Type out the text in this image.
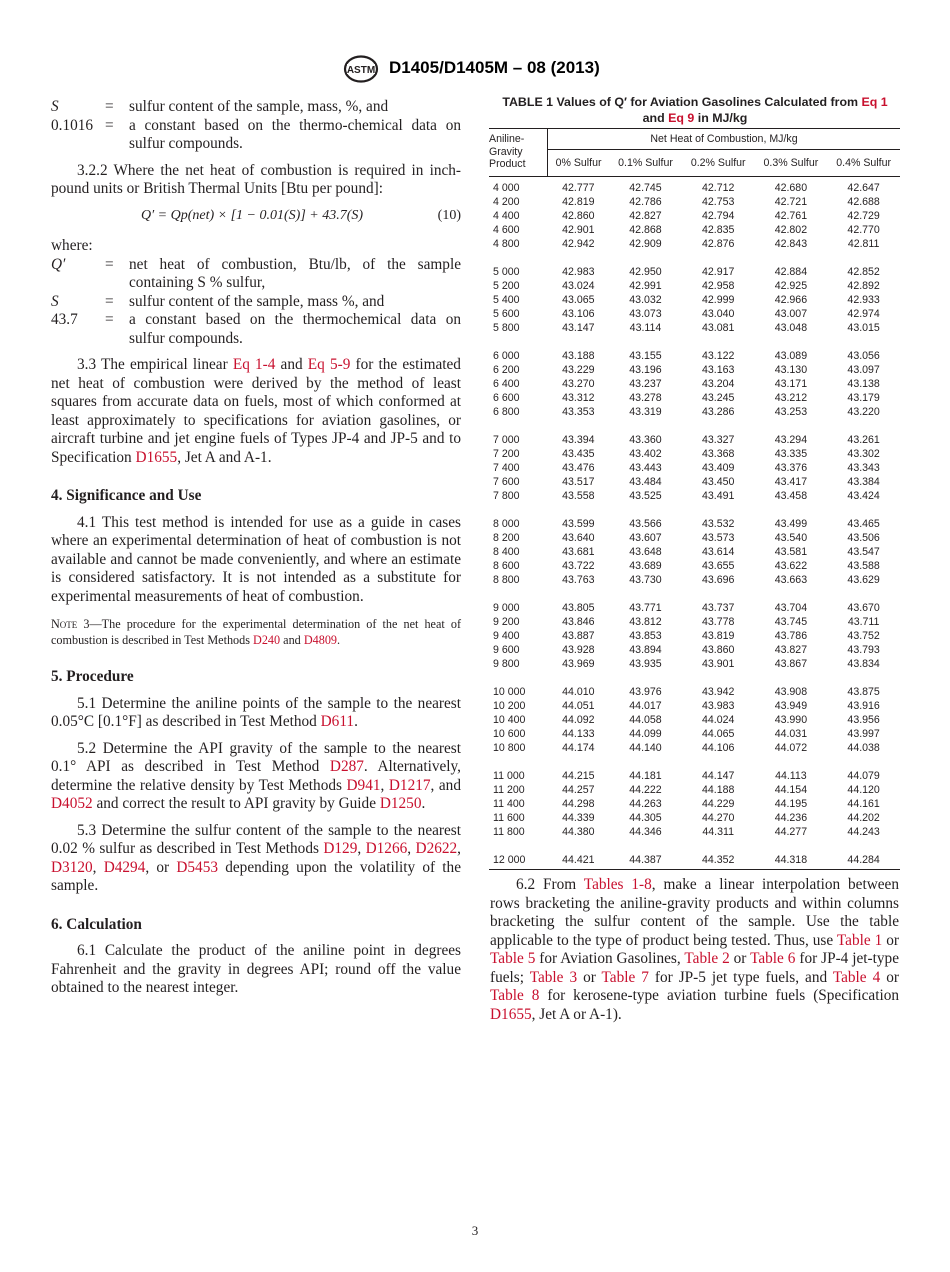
ASTM D1405/D1405M – 08 (2013)
S	=	sulfur content of the sample, mass, %, and
0.1016 =	a constant based on the thermo-chemical data on sulfur compounds.

3.2.2 Where the net heat of combustion is required in inch-pound units or British Thermal Units [Btu per pound]:

Q′ = Qp(net) × [1 − 0.01(S)] + 43.7(S)	(10)
where:
Q′	=	net heat of combustion, Btu/lb, of the sample containing S % sulfur,
S	=	sulfur content of the sample, mass %, and
43.7	=	a constant based on the thermochemical data on sulfur compounds.

3.3 The empirical linear Eq 1-4 and Eq 5-9 for the estimated net heat of combustion were derived by the method of least squares from accurate data on fuels, most of which conformed at least approximately to specifications for aviation gasolines, or aircraft turbine and jet engine fuels of Types JP-4 and JP-5 and to Specification D1655, Jet A and A-1.

4. Significance and Use

4.1 This test method is intended for use as a guide in cases where an experimental determination of heat of combustion is not available and cannot be made conveniently, and where an estimate is considered satisfactory. It is not intended as a substitute for experimental measurements of heat of combustion.

Note 3—The procedure for the experimental determination of the net heat of combustion is described in Test Methods D240 and D4809.

5. Procedure

5.1 Determine the aniline points of the sample to the nearest 0.05°C [0.1°F] as described in Test Method D611.

5.2 Determine the API gravity of the sample to the nearest 0.1° API as described in Test Method D287. Alternatively, determine the relative density by Test Methods D941, D1217, and D4052 and correct the result to API gravity by Guide D1250.

5.3 Determine the sulfur content of the sample to the nearest 0.02 % sulfur as described in Test Methods D129, D1266, D2622, D3120, D4294, or D5453 depending upon the volatility of the sample.

6. Calculation

6.1 Calculate the product of the aniline point in degrees Fahrenheit and the gravity in degrees API; round off the value obtained to the nearest integer.

TABLE 1 Values of Q′ for Aviation Gasolines Calculated from Eq 1 and Eq 9 in MJ/kg
Aniline-Gravity Product	Net Heat of Combustion, MJ/kg				
	0% Sulfur	0.1% Sulfur	0.2% Sulfur	0.3% Sulfur	0.4% Sulfur
4 000	42.777	42.745	42.712	42.680	42.647
4 200	42.819	42.786	42.753	42.721	42.688
4 400	42.860	42.827	42.794	42.761	42.729
4 600	42.901	42.868	42.835	42.802	42.770
4 800	42.942	42.909	42.876	42.843	42.811
5 000	42.983	42.950	42.917	42.884	42.852
5 200	43.024	42.991	42.958	42.925	42.892
5 400	43.065	43.032	42.999	42.966	42.933
5 600	43.106	43.073	43.040	43.007	42.974
5 800	43.147	43.114	43.081	43.048	43.015
6 000	43.188	43.155	43.122	43.089	43.056
6 200	43.229	43.196	43.163	43.130	43.097
6 400	43.270	43.237	43.204	43.171	43.138
6 600	43.312	43.278	43.245	43.212	43.179
6 800	43.353	43.319	43.286	43.253	43.220
7 000	43.394	43.360	43.327	43.294	43.261
7 200	43.435	43.402	43.368	43.335	43.302
7 400	43.476	43.443	43.409	43.376	43.343
7 600	43.517	43.484	43.450	43.417	43.384
7 800	43.558	43.525	43.491	43.458	43.424
8 000	43.599	43.566	43.532	43.499	43.465
8 200	43.640	43.607	43.573	43.540	43.506
8 400	43.681	43.648	43.614	43.581	43.547
8 600	43.722	43.689	43.655	43.622	43.588
8 800	43.763	43.730	43.696	43.663	43.629
9 000	43.805	43.771	43.737	43.704	43.670
9 200	43.846	43.812	43.778	43.745	43.711
9 400	43.887	43.853	43.819	43.786	43.752
9 600	43.928	43.894	43.860	43.827	43.793
9 800	43.969	43.935	43.901	43.867	43.834
10 000	44.010	43.976	43.942	43.908	43.875
10 200	44.051	44.017	43.983	43.949	43.916
10 400	44.092	44.058	44.024	43.990	43.956
10 600	44.133	44.099	44.065	44.031	43.997
10 800	44.174	44.140	44.106	44.072	44.038
11 000	44.215	44.181	44.147	44.113	44.079
11 200	44.257	44.222	44.188	44.154	44.120
11 400	44.298	44.263	44.229	44.195	44.161
11 600	44.339	44.305	44.270	44.236	44.202
11 800	44.380	44.346	44.311	44.277	44.243
12 000	44.421	44.387	44.352	44.318	44.284

6.2 From Tables 1-8, make a linear interpolation between rows bracketing the aniline-gravity products and within columns bracketing the sulfur content of the sample. Use the table applicable to the type of product being tested. Thus, use Table 1 or Table 5 for Aviation Gasolines, Table 2 or Table 6 for JP-4 jet-type fuels; Table 3 or Table 7 for JP-5 jet type fuels, and Table 4 or Table 8 for kerosene-type aviation turbine fuels (Specification D1655, Jet A or A-1).

3
